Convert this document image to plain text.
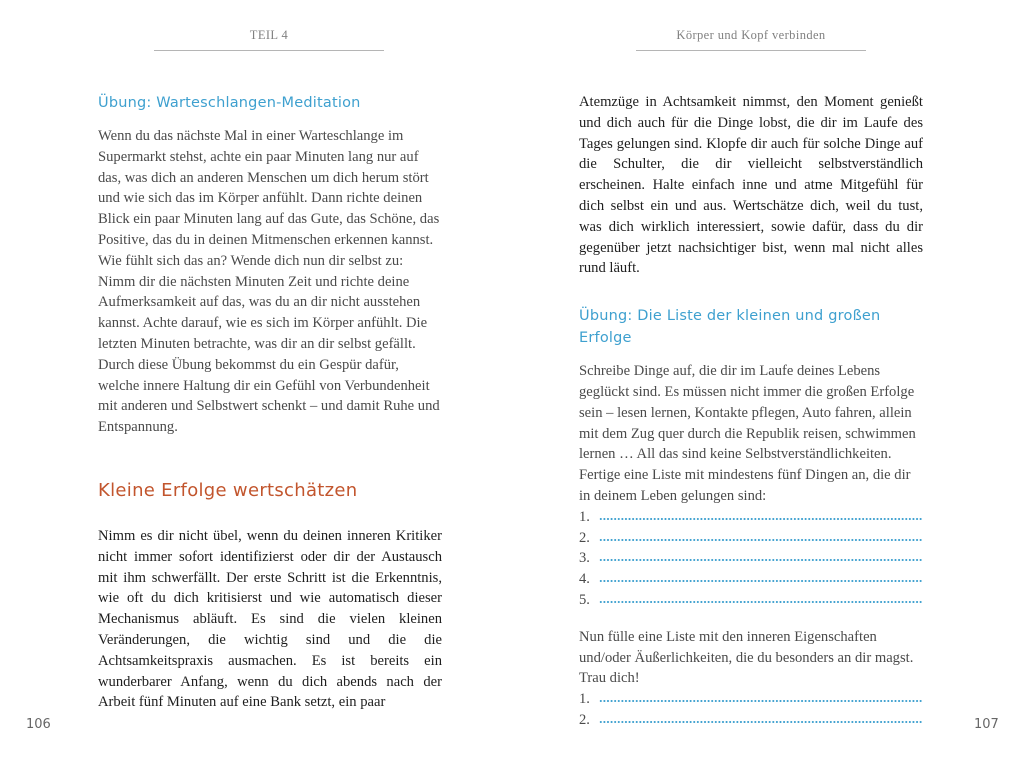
TEIL 4
Übung: Warteschlangen-Meditation

Wenn du das nächste Mal in einer Warteschlange im Supermarkt stehst, achte ein paar Minuten lang nur auf das, was dich an anderen Menschen um dich herum stört und wie sich das im Körper anfühlt. Dann richte deinen Blick ein paar Minuten lang auf das Gute, das Schöne, das Positive, das du in deinen Mitmenschen erkennen kannst. Wie fühlt sich das an? Wende dich nun dir selbst zu: Nimm dir die nächsten Minuten Zeit und richte deine Aufmerksamkeit auf das, was du an dir nicht ausstehen kannst. Achte darauf, wie es sich im Körper anfühlt. Die letzten Minuten betrachte, was dir an dir selbst gefällt. Durch diese Übung bekommst du ein Gespür dafür, welche innere Haltung dir ein Gefühl von Verbundenheit mit anderen und Selbstwert schenkt – und damit Ruhe und Entspannung.

Kleine Erfolge wertschätzen

Nimm es dir nicht übel, wenn du deinen inneren Kritiker nicht immer sofort identifizierst oder dir der Austausch mit ihm schwerfällt. Der erste Schritt ist die Erkenntnis, wie oft du dich kritisierst und wie automatisch dieser Mechanismus abläuft. Es sind die vielen kleinen Veränderungen, die wichtig sind und die die Achtsamkeitspraxis ausmachen. Es ist bereits ein wunderbarer Anfang, wenn du dich abends nach der Arbeit fünf Minuten auf eine Bank setzt, ein paar

106
Körper und Kopf verbinden

Atemzüge in Achtsamkeit nimmst, den Moment genießt und dich auch für die Dinge lobst, die dir im Laufe des Tages gelungen sind. Klopfe dir auch für solche Dinge auf die Schulter, die dir vielleicht selbstverständlich erscheinen. Halte einfach inne und atme Mitgefühl für dich selbst ein und aus. Wertschätze dich, weil du tust, was dich wirklich interessiert, sowie dafür, dass du dir gegenüber jetzt nachsichtiger bist, wenn mal nicht alles rund läuft.

Übung: Die Liste der kleinen und großen Erfolge

Schreibe Dinge auf, die dir im Laufe deines Lebens geglückt sind. Es müssen nicht immer die großen Erfolge sein – lesen lernen, Kontakte pflegen, Auto fahren, allein mit dem Zug quer durch die Republik reisen, schwimmen lernen … All das sind keine Selbstverständlichkeiten. Fertige eine Liste mit mindestens fünf Dingen an, die dir in deinem Leben gelungen sind:

1.
2.
3.
4.
5.

Nun fülle eine Liste mit den inneren Eigenschaften und/oder Äußerlichkeiten, die du besonders an dir magst. Trau dich!

1.
2.	107
